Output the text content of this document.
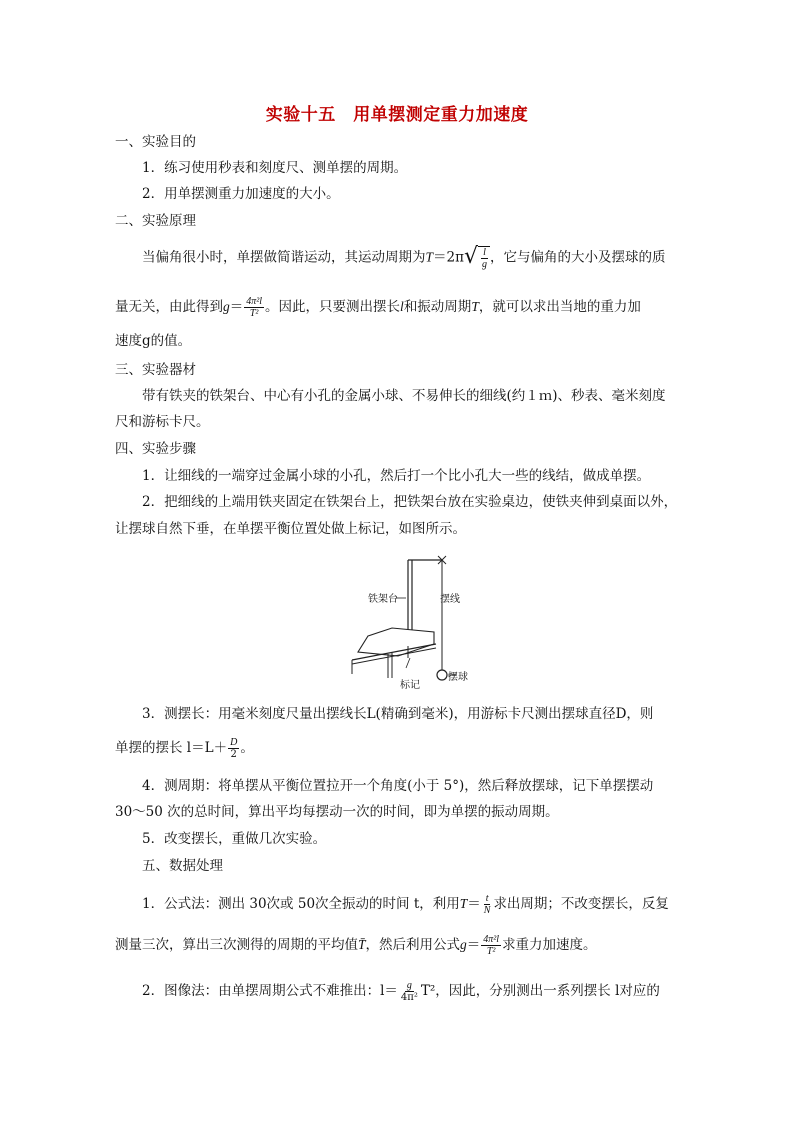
实验十五　用单摆测定重力加速度
一、实验目的
1．练习使用秒表和刻度尺、测单摆的周期。
2．用单摆测重力加速度的大小。
二、实验原理
当偏角很小时，单摆做简谐运动，其运动周期为T＝2π √ $\frac{l}{g}$ ，它与偏角的大小及摆球的质
量无关，由此得到$g= \frac{\text{4π²l}}{\text{T²}}$ 。因此，只要测出摆长l和振动周期T，就可以求出当地的重力加
速度g的值。
三、实验器材
带有铁夹的铁架台、中心有小孔的金属小球、不易伸长的细线(约１ｍ)、秒表、毫米刻度
尺和游标卡尺。
四、实验步骤
1．让细线的一端穿过金属小球的小孔，然后打一个比小孔大一些的线结，做成单摆。
2．把细线的上端用铁夹固定在铁架台上，把铁架台放在实验桌边，使铁夹伸到桌面以外，
让摆球自然下垂，在单摆平衡位置处做上标记，如图所示。
铁架台	摆线
标记
摆球
3．测摆长：用毫米刻度尺量出摆线长L(精确到毫米)，用游标卡尺测出摆球直径D，则
单摆的摆长 $l=L+ \frac{D}{2}$ 。
4．测周期：将单摆从平衡位置拉开一个角度(小于 5°)，然后释放摆球，记下单摆摆动
30～50 次的总时间，算出平均每摆动一次的时间，即为单摆的振动周期。
5．改变摆长，重做几次实验。
五、数据处理
1．公式法：测出 30次或 50次全振动的时间 t，利用$T= \frac{t}{N}$ 求出周期；不改变摆长，反复
测量三次，算出三次测得的周期的平均值T̄，然后利用公式$g= \frac{\text{4π²l}}{\text{T²}}$ 求重力加速度。
2．图像法：由单摆周期公式不难推出：$l= \frac{g}{\text{4π²}} T^2$，因此，分别测出一系列摆长 l对应的
